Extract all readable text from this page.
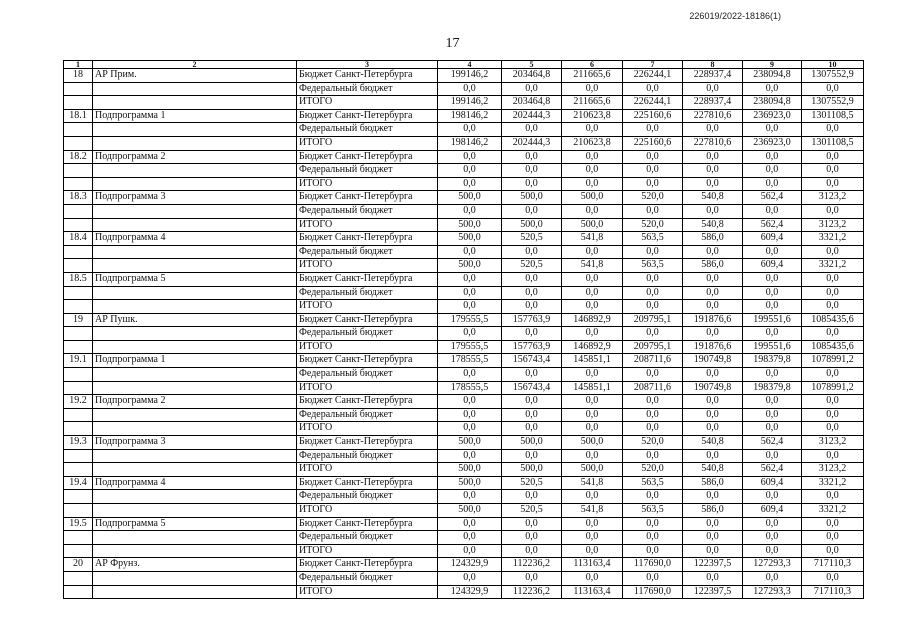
226019/2022-18186(1)
17
1	2	3	4	5	6	7	8	9	10
18	АР Прим.	Бюджет Санкт-Петербурга	199146,2	203464,8	211665,6	226244,1	228937,4	238094,8	1307552,9
		Федеральный бюджет	0,0	0,0	0,0	0,0	0,0	0,0	0,0
		ИТОГО	199146,2	203464,8	211665,6	226244,1	228937,4	238094,8	1307552,9
18.1	Подпрограмма 1	Бюджет Санкт-Петербурга	198146,2	202444,3	210623,8	225160,6	227810,6	236923,0	1301108,5
		Федеральный бюджет	0,0	0,0	0,0	0,0	0,0	0,0	0,0
		ИТОГО	198146,2	202444,3	210623,8	225160,6	227810,6	236923,0	1301108,5
18.2	Подпрограмма 2	Бюджет Санкт-Петербурга	0,0	0,0	0,0	0,0	0,0	0,0	0,0
		Федеральный бюджет	0,0	0,0	0,0	0,0	0,0	0,0	0,0
		ИТОГО	0,0	0,0	0,0	0,0	0,0	0,0	0,0
18.3	Подпрограмма 3	Бюджет Санкт-Петербурга	500,0	500,0	500,0	520,0	540,8	562,4	3123,2
		Федеральный бюджет	0,0	0,0	0,0	0,0	0,0	0,0	0,0
		ИТОГО	500,0	500,0	500,0	520,0	540,8	562,4	3123,2
18.4	Подпрограмма 4	Бюджет Санкт-Петербурга	500,0	520,5	541,8	563,5	586,0	609,4	3321,2
		Федеральный бюджет	0,0	0,0	0,0	0,0	0,0	0,0	0,0
		ИТОГО	500,0	520,5	541,8	563,5	586,0	609,4	3321,2
18.5	Подпрограмма 5	Бюджет Санкт-Петербурга	0,0	0,0	0,0	0,0	0,0	0,0	0,0
		Федеральный бюджет	0,0	0,0	0,0	0,0	0,0	0,0	0,0
		ИТОГО	0,0	0,0	0,0	0,0	0,0	0,0	0,0
19	АР Пушк.	Бюджет Санкт-Петербурга	179555,5	157763,9	146892,9	209795,1	191876,6	199551,6	1085435,6
		Федеральный бюджет	0,0	0,0	0,0	0,0	0,0	0,0	0,0
		ИТОГО	179555,5	157763,9	146892,9	209795,1	191876,6	199551,6	1085435,6
19.1	Подпрограмма 1	Бюджет Санкт-Петербурга	178555,5	156743,4	145851,1	208711,6	190749,8	198379,8	1078991,2
		Федеральный бюджет	0,0	0,0	0,0	0,0	0,0	0,0	0,0
		ИТОГО	178555,5	156743,4	145851,1	208711,6	190749,8	198379,8	1078991,2
19.2	Подпрограмма 2	Бюджет Санкт-Петербурга	0,0	0,0	0,0	0,0	0,0	0,0	0,0
		Федеральный бюджет	0,0	0,0	0,0	0,0	0,0	0,0	0,0
		ИТОГО	0,0	0,0	0,0	0,0	0,0	0,0	0,0
19.3	Подпрограмма 3	Бюджет Санкт-Петербурга	500,0	500,0	500,0	520,0	540,8	562,4	3123,2
		Федеральный бюджет	0,0	0,0	0,0	0,0	0,0	0,0	0,0
		ИТОГО	500,0	500,0	500,0	520,0	540,8	562,4	3123,2
19.4	Подпрограмма 4	Бюджет Санкт-Петербурга	500,0	520,5	541,8	563,5	586,0	609,4	3321,2
		Федеральный бюджет	0,0	0,0	0,0	0,0	0,0	0,0	0,0
		ИТОГО	500,0	520,5	541,8	563,5	586,0	609,4	3321,2
19.5	Подпрограмма 5	Бюджет Санкт-Петербурга	0,0	0,0	0,0	0,0	0,0	0,0	0,0
		Федеральный бюджет	0,0	0,0	0,0	0,0	0,0	0,0	0,0
		ИТОГО	0,0	0,0	0,0	0,0	0,0	0,0	0,0
20	АР Фрунз.	Бюджет Санкт-Петербурга	124329,9	112236,2	113163,4	117690,0	122397,5	127293,3	717110,3
		Федеральный бюджет	0,0	0,0	0,0	0,0	0,0	0,0	0,0
		ИТОГО	124329,9	112236,2	113163,4	117690,0	122397,5	127293,3	717110,3
